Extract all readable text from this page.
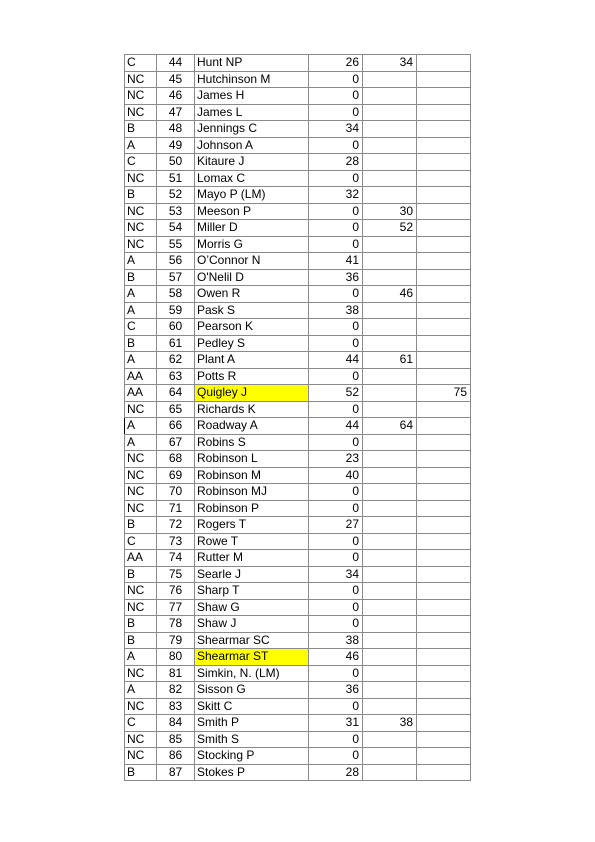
C	44	Hunt NP	26	34	
NC	45	Hutchinson M	0		
NC	46	James H	0		
NC	47	James L	0		
B	48	Jennings C	34		
A	49	Johnson A	0		
C	50	Kitaure J	28		
NC	51	Lomax C	0		
B	52	Mayo P (LM)	32		
NC	53	Meeson P	0	30	
NC	54	Miller D	0	52	
NC	55	Morris G	0		
A	56	O’Connor N	41		
B	57	O'Nelil D	36		
A	58	Owen R	0	46	
A	59	Pask S	38		
C	60	Pearson K	0		
B	61	Pedley S	0		
A	62	Plant A	44	61	
AA	63	Potts R	0		
AA	64	Quigley J	52		75
NC	65	Richards K	0		
A	66	Roadway A	44	64	
A	67	Robins S	0		
NC	68	Robinson L	23		
NC	69	Robinson M	40		
NC	70	Robinson MJ	0		
NC	71	Robinson P	0		
B	72	Rogers T	27		
C	73	Rowe T	0		
AA	74	Rutter M	0		
B	75	Searle J	34		
NC	76	Sharp T	0		
NC	77	Shaw G	0		
B	78	Shaw J	0		
B	79	Shearmar SC	38		
A	80	Shearmar ST	46		
NC	81	Simkin, N. (LM)	0		
A	82	Sisson G	36		
NC	83	Skitt C	0		
C	84	Smith P	31	38	
NC	85	Smith S	0		
NC	86	Stocking P	0		
B	87	Stokes P	28		
